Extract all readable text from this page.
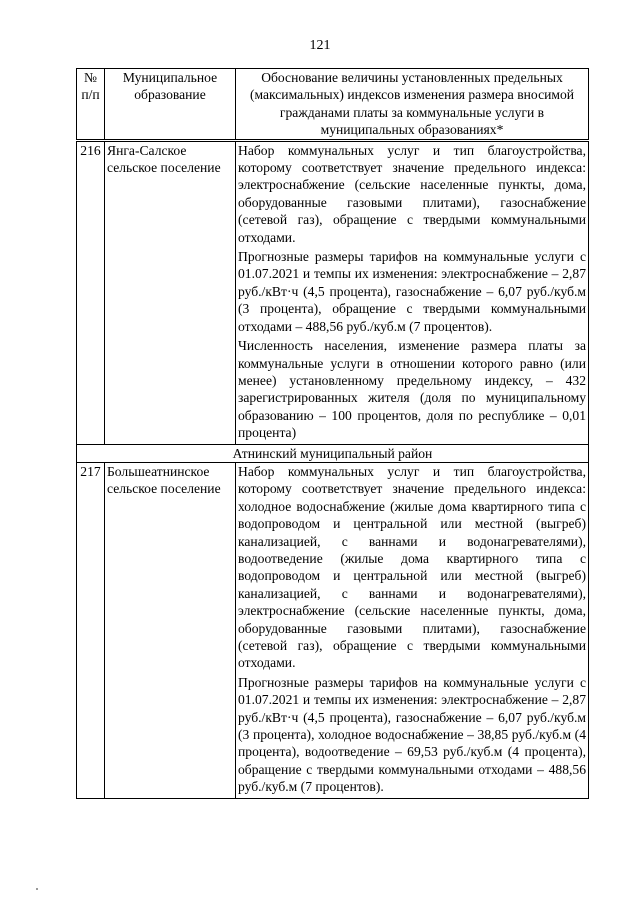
121
№ п/п	Муниципальное образование	Обоснование величины установленных предельных (максимальных) индексов изменения размера вносимой гражданами платы за коммунальные услуги в муниципальных образованиях*
216	Янга-Салское сельское поселение	Набор коммунальных услуг и тип благоустройства, которому соответствует значение предельного индекса: электроснабжение (сельские населенные пункты, дома, оборудованные газовыми плитами), газоснабжение (сетевой газ), обращение с твердыми коммунальными отходами.

Прогнозные размеры тарифов на коммунальные услуги с 01.07.2021 и темпы их изменения: электроснабжение – 2,87 руб./кВт·ч (4,5 процента), газоснабжение – 6,07 руб./куб.м (3 процента), обращение с твердыми коммунальными отходами – 488,56 руб./куб.м (7 процентов).

Численность населения, изменение размера платы за коммунальные услуги в отношении которого равно (или менее) установленному предельному индексу, – 432 зарегистрированных жителя (доля по муниципальному образованию – 100 процентов, доля по республике – 0,01 процента)

Атнинский муниципальный район		
217	Большеатнинское сельское поселение	Набор коммунальных услуг и тип благоустройства, которому соответствует значение предельного индекса: холодное водоснабжение (жилые дома квартирного типа с водопроводом и центральной или местной (выгреб) канализацией, с ваннами и водонагревателями), водоотведение (жилые дома квартирного типа с водопроводом и центральной или местной (выгреб) канализацией, с ваннами и водонагревателями), электроснабжение (сельские населенные пункты, дома, оборудованные газовыми плитами), газоснабжение (сетевой газ), обращение с твердыми коммунальными отходами.

Прогнозные размеры тарифов на коммунальные услуги с 01.07.2021 и темпы их изменения: электроснабжение – 2,87 руб./кВт·ч (4,5 процента), газоснабжение – 6,07 руб./куб.м (3 процента), холодное водоснабжение – 38,85 руб./куб.м (4 процента), водоотведение – 69,53 руб./куб.м (4 процента), обращение с твердыми коммунальными отходами – 488,56 руб./куб.м (7 процентов).
